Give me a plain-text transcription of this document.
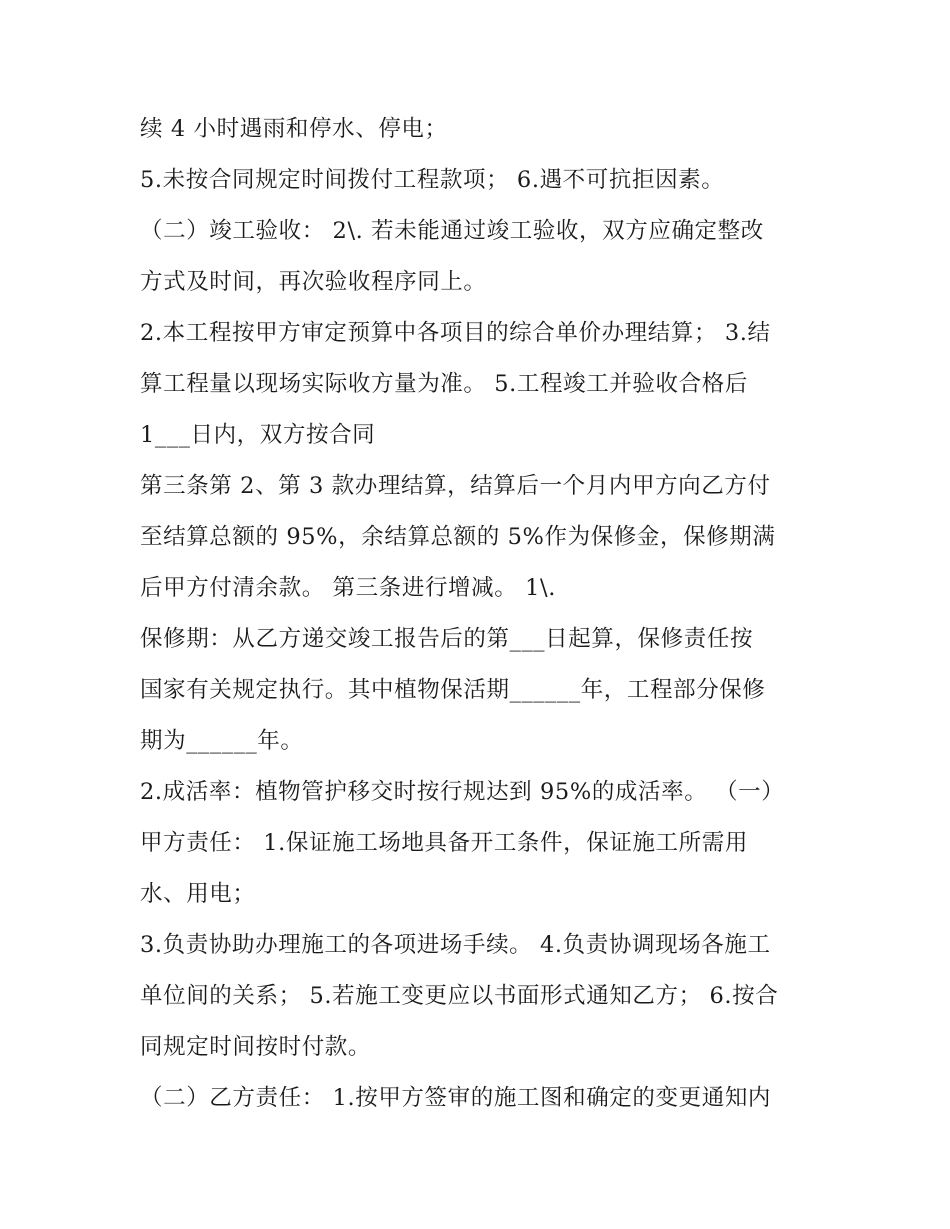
续 4 小时遇雨和停水、停电；
5.未按合同规定时间拨付工程款项； 6.遇不可抗拒因素。
（二）竣工验收： 2\. 若未能通过竣工验收，双方应确定整改
方式及时间，再次验收程序同上。
2.本工程按甲方审定预算中各项目的综合单价办理结算； 3.结
算工程量以现场实际收方量为准。 5.工程竣工并验收合格后
1___日内，双方按合同
第三条第 2、第 3 款办理结算，结算后一个月内甲方向乙方付
至结算总额的 95%，余结算总额的 5%作为保修金，保修期满
后甲方付清余款。 第三条进行增减。 1\.
保修期：从乙方递交竣工报告后的第___日起算，保修责任按
国家有关规定执行。其中植物保活期______年，工程部分保修
期为______年。
2.成活率：植物管护移交时按行规达到 95%的成活率。 （一）
甲方责任： 1.保证施工场地具备开工条件，保证施工所需用
水、用电；
3.负责协助办理施工的各项进场手续。 4.负责协调现场各施工
单位间的关系； 5.若施工变更应以书面形式通知乙方； 6.按合
同规定时间按时付款。
（二）乙方责任： 1.按甲方签审的施工图和确定的变更通知内
